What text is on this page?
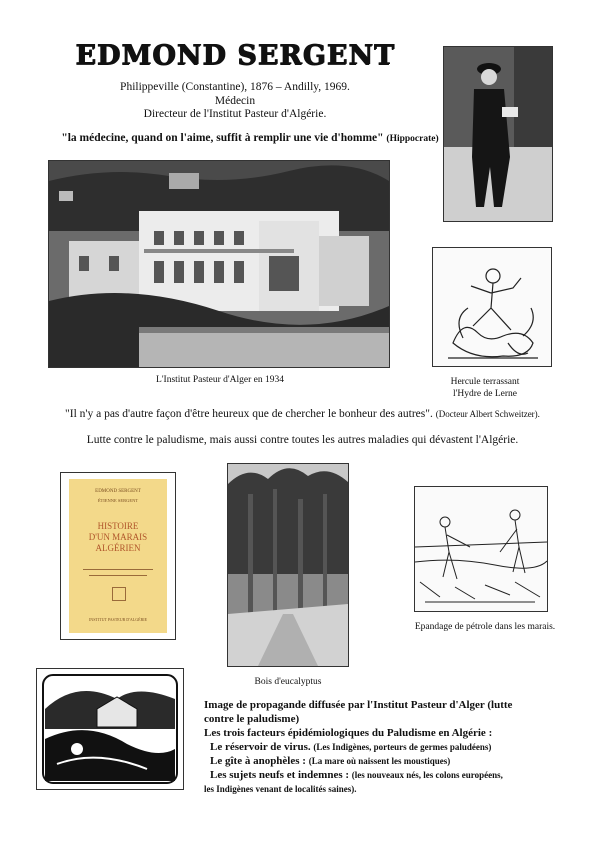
EDMOND SERGENT
Philippeville (Constantine), 1876 – Andilly, 1969.
Médecin
Directeur de l'Institut Pasteur d'Algérie.
"la médecine, quand on l'aime, suffit à remplir une vie d'homme" (Hippocrate)
L'Institut Pasteur d'Alger en 1934	Hercule terrassant
l'Hydre de Lerne
"Il n'y a pas d'autre façon d'être heureux que de chercher le bonheur des autres". (Docteur Albert Schweitzer).
Lutte contre le paludisme, mais aussi contre toutes les autres maladies qui dévastent l'Algérie.
EDMOND SERGENT
ÉTIENNE SERGENT
HISTOIRE
D'UN MARAIS
ALGÉRIEN
INSTITUT PASTEUR D'ALGÉRIE
Bois d'eucalyptus
Epandage de pétrole dans les marais.
Image de propagande diffusée par l'Institut Pasteur d'Alger (lutte
contre le paludisme)
Les trois facteurs épidémiologiques du Paludisme en Algérie :
Le réservoir de virus. (Les Indigènes, porteurs de germes paludéens)
Le gîte à anophèles : (La mare où naissent les moustiques)
Les sujets neufs et indemnes : (les nouveaux nés, les colons européens,
les Indigènes venant de localités saines).
